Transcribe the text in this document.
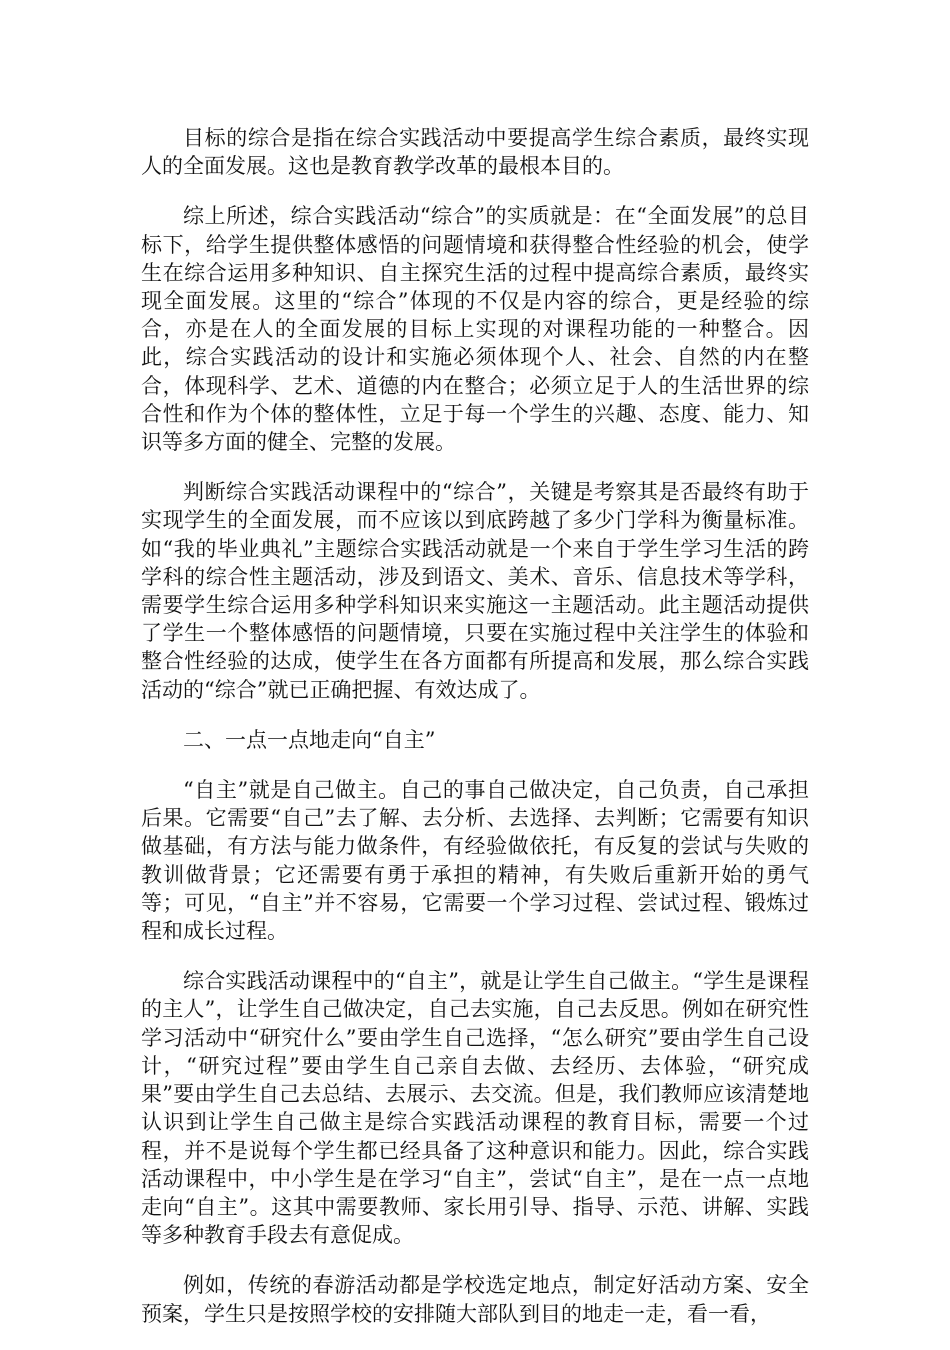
目标的综合是指在综合实践活动中要提高学生综合素质，最终实现人的全面发展。这也是教育教学改革的最根本目的。

综上所述，综合实践活动“综合”的实质就是：在“全面发展”的总目标下，给学生提供整体感悟的问题情境和获得整合性经验的机会，使学生在综合运用多种知识、自主探究生活的过程中提高综合素质，最终实现全面发展。这里的“综合”体现的不仅是内容的综合，更是经验的综合，亦是在人的全面发展的目标上实现的对课程功能的一种整合。因此，综合实践活动的设计和实施必须体现个人、社会、自然的内在整合，体现科学、艺术、道德的内在整合；必须立足于人的生活世界的综合性和作为个体的整体性，立足于每一个学生的兴趣、态度、能力、知识等多方面的健全、完整的发展。

判断综合实践活动课程中的“综合”，关键是考察其是否最终有助于实现学生的全面发展，而不应该以到底跨越了多少门学科为衡量标准。如“我的毕业典礼”主题综合实践活动就是一个来自于学生学习生活的跨学科的综合性主题活动，涉及到语文、美术、音乐、信息技术等学科，需要学生综合运用多种学科知识来实施这一主题活动。此主题活动提供了学生一个整体感悟的问题情境，只要在实施过程中关注学生的体验和整合性经验的达成，使学生在各方面都有所提高和发展，那么综合实践活动的“综合”就已正确把握、有效达成了。

二、一点一点地走向“自主”

“自主”就是自己做主。自己的事自己做决定，自己负责，自己承担后果。它需要“自己”去了解、去分析、去选择、去判断；它需要有知识做基础，有方法与能力做条件，有经验做依托，有反复的尝试与失败的教训做背景；它还需要有勇于承担的精神，有失败后重新开始的勇气等；可见，“自主”并不容易，它需要一个学习过程、尝试过程、锻炼过程和成长过程。

综合实践活动课程中的“自主”，就是让学生自己做主。“学生是课程的主人”，让学生自己做决定，自己去实施，自己去反思。例如在研究性学习活动中“研究什么”要由学生自己选择，“怎么研究”要由学生自己设计，“研究过程”要由学生自己亲自去做、去经历、去体验，“研究成果”要由学生自己去总结、去展示、去交流。但是，我们教师应该清楚地认识到让学生自己做主是综合实践活动课程的教育目标，需要一个过程，并不是说每个学生都已经具备了这种意识和能力。因此，综合实践活动课程中，中小学生是在学习“自主”，尝试“自主”，是在一点一点地走向“自主”。这其中需要教师、家长用引导、指导、示范、讲解、实践等多种教育手段去有意促成。

例如，传统的春游活动都是学校选定地点，制定好活动方案、安全预案，学生只是按照学校的安排随大部队到目的地走一走，看一看，
